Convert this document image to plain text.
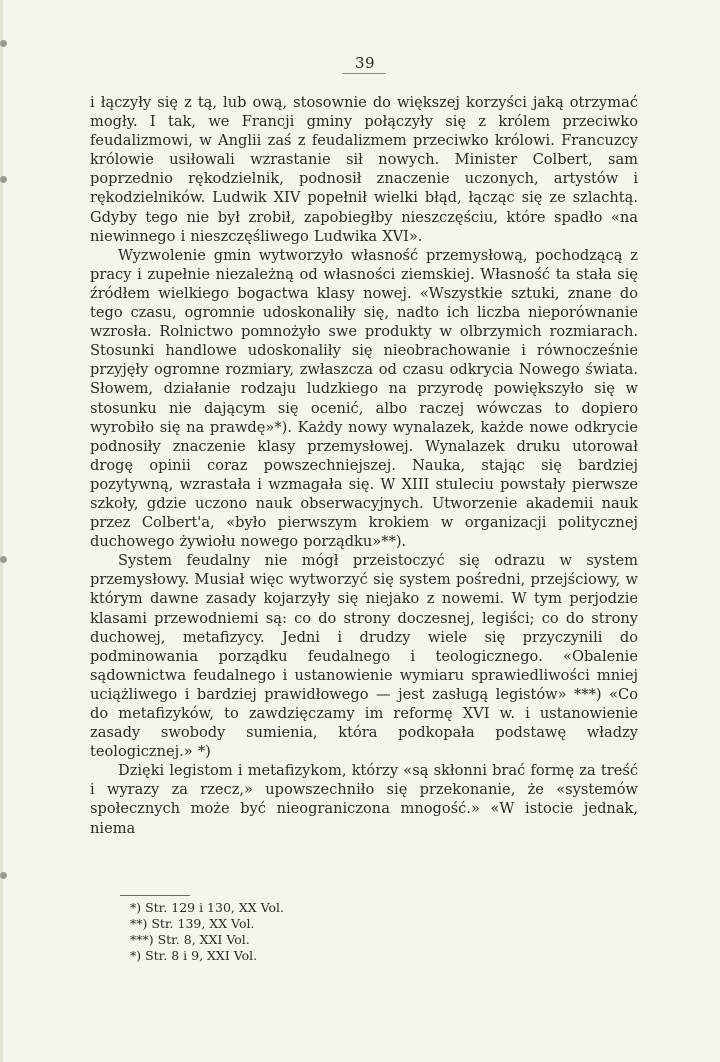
39

i łączyły się z tą, lub ową, stosownie do większej korzyści jaką otrzymać mogły. I tak, we Francji gminy połączyły się z królem przeciwko feudalizmowi, w Anglii zaś z feudalizmem przeciwko królowi. Francuzcy królowie usiłowali wzrastanie sił nowych. Minister Colbert, sam poprzednio rękodzielnik, podnosił znaczenie uczonych, artystów i rękodzielników. Ludwik XIV popełnił wielki błąd, łącząc się ze szlachtą. Gdyby tego nie był zrobił, zapobiegłby nieszczęściu, które spadło «na niewinnego i nieszczęśliwego Ludwika XVI».

Wyzwolenie gmin wytworzyło własność przemysłową, pochodzącą z pracy i zupełnie niezależną od własności ziemskiej. Własność ta stała się źródłem wielkiego bogactwa klasy nowej. «Wszystkie sztuki, znane do tego czasu, ogromnie udoskonaliły się, nadto ich liczba nieporównanie wzrosła. Rolnictwo pomnożyło swe produkty w olbrzymich rozmiarach. Stosunki handlowe udoskonaliły się nieobrachowanie i równocześnie przyjęły ogromne rozmiary, zwłaszcza od czasu odkrycia Nowego świata. Słowem, działanie rodzaju ludzkiego na przyrodę powiększyło się w stosunku nie dającym się ocenić, albo raczej wówczas to dopiero wyrobiło się na prawdę»*). Każdy nowy wynalazek, każde nowe odkrycie podnosiły znaczenie klasy przemysłowej. Wynalazek druku utorował drogę opinii coraz powszechniejszej. Nauka, stając się bardziej pozytywną, wzrastała i wzmagała się. W XIII stuleciu powstały pierwsze szkoły, gdzie uczono nauk obserwacyjnych. Utworzenie akademii nauk przez Colbert'a, «było pierwszym krokiem w organizacji politycznej duchowego żywiołu nowego porządku»**).

System feudalny nie mógł przeistoczyć się odrazu w system przemysłowy. Musiał więc wytworzyć się system pośredni, przejściowy, w którym dawne zasady kojarzyły się niejako z nowemi. W tym perjodzie klasami przewodniemi są: co do strony doczesnej, legiści; co do strony duchowej, metafizycy. Jedni i drudzy wiele się przyczynili do podminowania porządku feudalnego i teologicznego. «Obalenie sądownictwa feudalnego i ustanowienie wymiaru sprawiedliwości mniej uciążliwego i bardziej prawidłowego — jest zasługą legistów» ***) «Co do metafizyków, to zawdzięczamy im reformę XVI w. i ustanowienie zasady swobody sumienia, która podkopała podstawę władzy teologicznej.» *)

Dzięki legistom i metafizykom, którzy «są skłonni brać formę za treść i wyrazy za rzecz,» upowszechniło się przekonanie, że «systemów społecznych może być nieograniczona mnogość.» «W istocie jednak, niema

*) Str. 129 i 130, XX Vol.
**) Str. 139, XX Vol.
***) Str. 8, XXI Vol.
*) Str. 8 i 9, XXI Vol.
